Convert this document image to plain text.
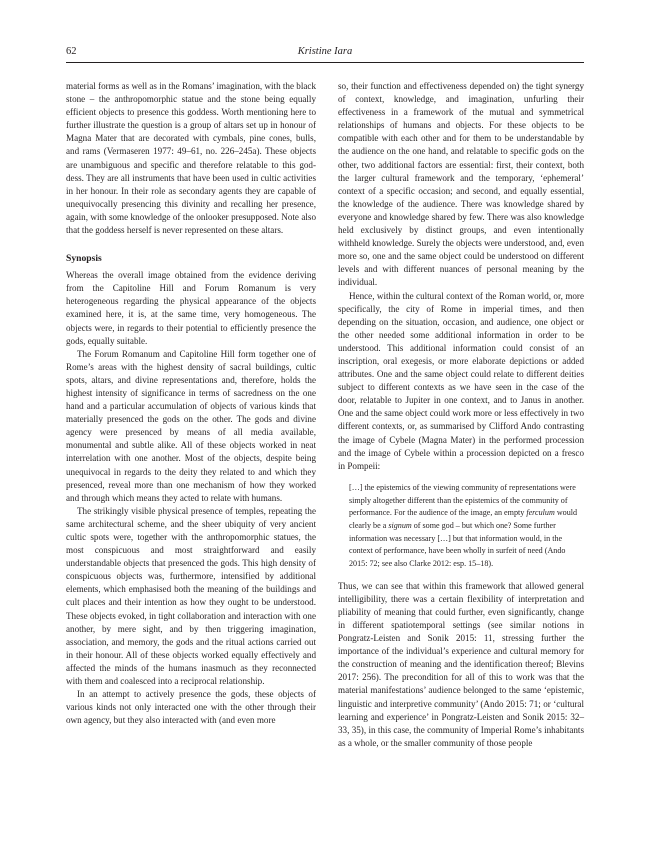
62	Kristine Iara

material forms as well as in the Romans’ imagination, with the black stone – the anthropomorphic statue and the stone being equally efficient objects to presence this goddess. Worth mentioning here to further illustrate the question is a group of altars set up in honour of Magna Mater that are decorated with cymbals, pine cones, bulls, and rams (Vermaseren 1977: 49–61, no. 226–245a). These objects are unambiguous and specific and therefore relatable to this goddess. They are all instruments that have been used in cultic activities in her honour. In their role as secondary agents they are capable of unequivocally presencing this divinity and recalling her presence, again, with some knowledge of the onlooker presupposed. Note also that the goddess herself is never represented on these altars.

Synopsis

Whereas the overall image obtained from the evidence deriving from the Capitoline Hill and Forum Romanum is very heterogeneous regarding the physical appearance of the objects examined here, it is, at the same time, very homogeneous. The objects were, in regards to their potential to efficiently presence the gods, equally suitable.

The Forum Romanum and Capitoline Hill form together one of Rome’s areas with the highest density of sacral buildings, cultic spots, altars, and divine representations and, therefore, holds the highest intensity of significance in terms of sacredness on the one hand and a particular accumulation of objects of various kinds that materially presenced the gods on the other. The gods and divine agency were presenced by means of all media available, monumental and subtle alike. All of these objects worked in neat interrelation with one another. Most of the objects, despite being unequivocal in regards to the deity they related to and which they presenced, reveal more than one mechanism of how they worked and through which means they acted to relate with humans.

The strikingly visible physical presence of temples, repeating the same architectural scheme, and the sheer ubiquity of very ancient cultic spots were, together with the anthropomorphic statues, the most conspicuous and most straightforward and easily understandable objects that presenced the gods. This high density of conspicuous objects was, furthermore, intensified by additional elements, which emphasised both the meaning of the buildings and cult places and their intention as how they ought to be understood. These objects evoked, in tight collaboration and interaction with one another, by mere sight, and by then triggering imagination, association, and memory, the gods and the ritual actions carried out in their honour. All of these objects worked equally effectively and affected the minds of the humans inasmuch as they reconnected with them and coalesced into a reciprocal relationship.

In an attempt to actively presence the gods, these objects of various kinds not only interacted one with the other through their own agency, but they also interacted with (and even more

so, their function and effectiveness depended on) the tight synergy of context, knowledge, and imagination, unfurling their effectiveness in a framework of the mutual and symmetrical relationships of humans and objects. For these objects to be compatible with each other and for them to be understandable by the audience on the one hand, and relatable to specific gods on the other, two additional factors are essential: first, their context, both the larger cultural framework and the temporary, ‘ephemeral’ context of a specific occasion; and second, and equally essential, the knowledge of the audience. There was knowledge shared by everyone and knowledge shared by few. There was also knowledge held exclusively by distinct groups, and even intentionally withheld knowledge. Surely the objects were understood, and, even more so, one and the same object could be understood on different levels and with different nuances of personal meaning by the individual.

Hence, within the cultural context of the Roman world, or, more specifically, the city of Rome in imperial times, and then depending on the situation, occasion, and audience, one object or the other needed some additional information in order to be understood. This additional information could consist of an inscription, oral exegesis, or more elaborate depictions or added attributes. One and the same object could relate to different deities subject to different contexts as we have seen in the case of the door, relatable to Jupiter in one context, and to Janus in another. One and the same object could work more or less effectively in two different contexts, or, as summarised by Clifford Ando contrasting the image of Cybele (Magna Mater) in the performed procession and the image of Cybele within a procession depicted on a fresco in Pompeii:

[…] the epistemics of the viewing community of representations were simply altogether different than the epistemics of the community of performance. For the audience of the image, an empty ferculum would clearly be a signum of some god – but which one? Some further information was necessary […] but that information would, in the context of performance, have been wholly in surfeit of need (Ando 2015: 72; see also Clarke 2012: esp. 15–18).

Thus, we can see that within this framework that allowed general intelligibility, there was a certain flexibility of interpretation and pliability of meaning that could further, even significantly, change in different spatiotemporal settings (see similar notions in Pongratz-Leisten and Sonik 2015: 11, stressing further the importance of the individual’s experience and cultural memory for the construction of meaning and the identification thereof; Blevins 2017: 256). The precondition for all of this to work was that the material manifestations’ audience belonged to the same ‘epistemic, linguistic and interpretive community’ (Ando 2015: 71; or ‘cultural learning and experience’ in Pongratz-Leisten and Sonik 2015: 32–33, 35), in this case, the community of Imperial Rome’s inhabitants as a whole, or the smaller community of those people
